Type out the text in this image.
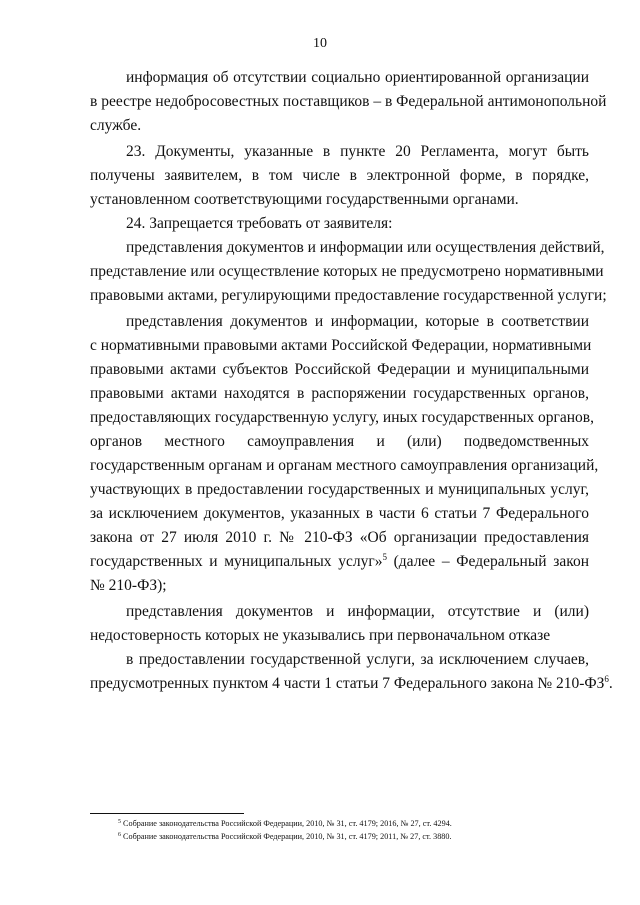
10
информация об отсутствии социально ориентированной организации
в реестре недобросовестных поставщиков – в Федеральной антимонопольной
службе.
23. Документы, указанные в пункте 20 Регламента, могут быть
получены заявителем, в том числе в электронной форме, в порядке,
установленном соответствующими государственными органами.
24. Запрещается требовать от заявителя:
представления документов и информации или осуществления действий,
представление или осуществление которых не предусмотрено нормативными
правовыми актами, регулирующими предоставление государственной услуги;
представления документов и информации, которые в соответствии
с нормативными правовыми актами Российской Федерации, нормативными
правовыми актами субъектов Российской Федерации и муниципальными
правовыми актами находятся в распоряжении государственных органов,
предоставляющих государственную услугу, иных государственных органов,
органов местного самоуправления и (или) подведомственных
государственным органам и органам местного самоуправления организаций,
участвующих в предоставлении государственных и муниципальных услуг,
за исключением документов, указанных в части 6 статьи 7 Федерального
закона от 27 июля 2010 г. № 210-ФЗ «Об организации предоставления
государственных и муниципальных услуг»$^5$ (далее – Федеральный закон
№ 210-ФЗ);
представления документов и информации, отсутствие и (или)
недостоверность которых не указывались при первоначальном отказе
в предоставлении государственной услуги, за исключением случаев,
предусмотренных пунктом 4 части 1 статьи 7 Федерального закона № $210-ФЗ^6$.
$^5$ Собрание законодательства Российской Федерации, 2010, № 31, ст. 4179; 2016, № 27, ст. 4294.
$^6$ Собрание законодательства Российской Федерации, 2010, № 31, ст. 4179; 2011, № 27, ст. 3880.
